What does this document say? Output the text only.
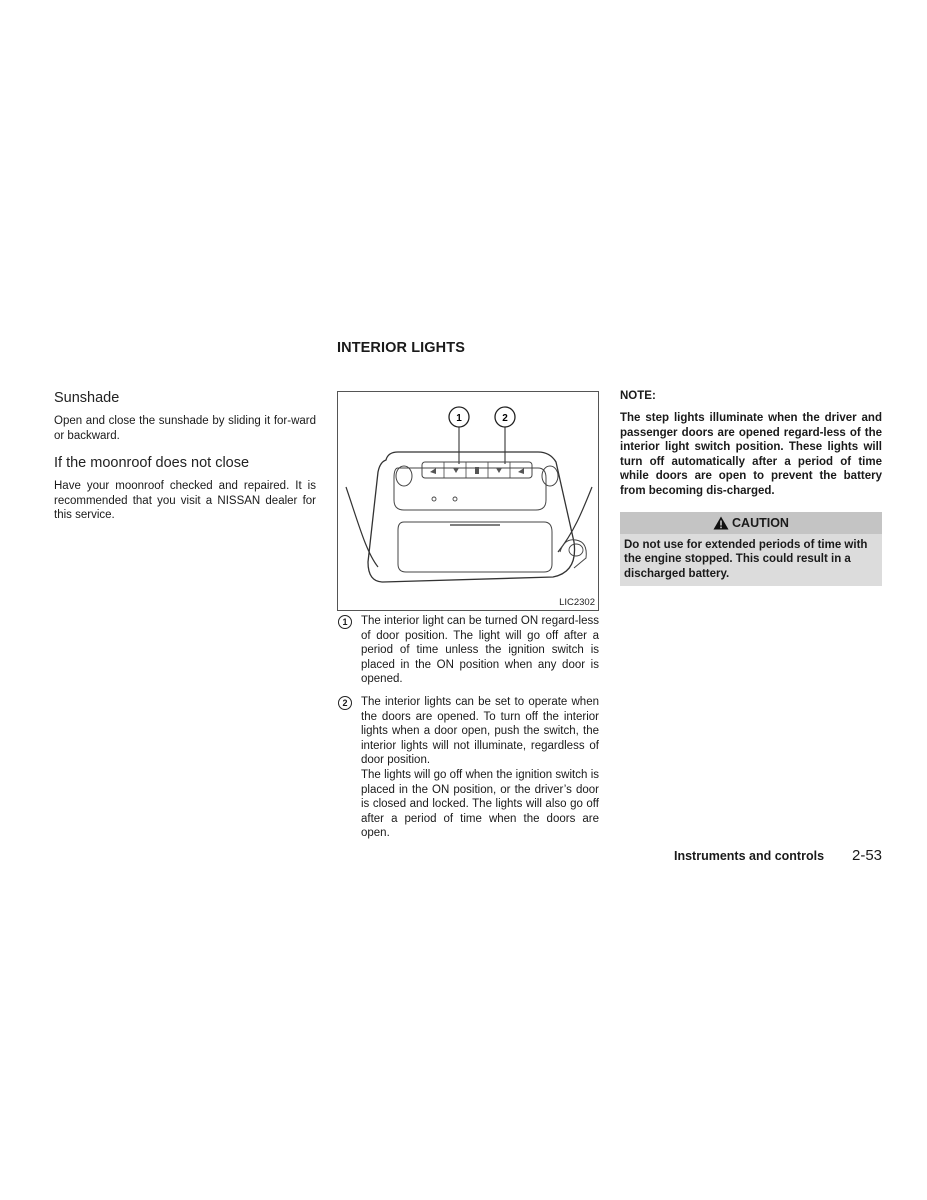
INTERIOR LIGHTS
Sunshade

Open and close the sunshade by sliding it for-ward or backward.

If the moonroof does not close

Have your moonroof checked and repaired. It is recommended that you visit a NISSAN dealer for this service.

1	2
LIC2302
1	The interior light can be turned ON regard-less of door position. The light will go off after a period of time unless the ignition switch is placed in the ON position when any door is opened.

2	The interior lights can be set to operate when the doors are opened. To turn off the interior lights when a door open, push the switch, the interior lights will not illuminate, regardless of door position.

The lights will go off when the ignition switch is placed in the ON position, or the driver’s door is closed and locked. The lights will also go off after a period of time when the doors are open.

NOTE:

The step lights illuminate when the driver and passenger doors are opened regard-less of the interior light switch position. These lights will turn off automatically after a period of time while doors are open to prevent the battery from becoming dis-charged.

CAUTION

Do not use for extended periods of time with the engine stopped. This could result in a discharged battery.

Instruments and controls 2-53
